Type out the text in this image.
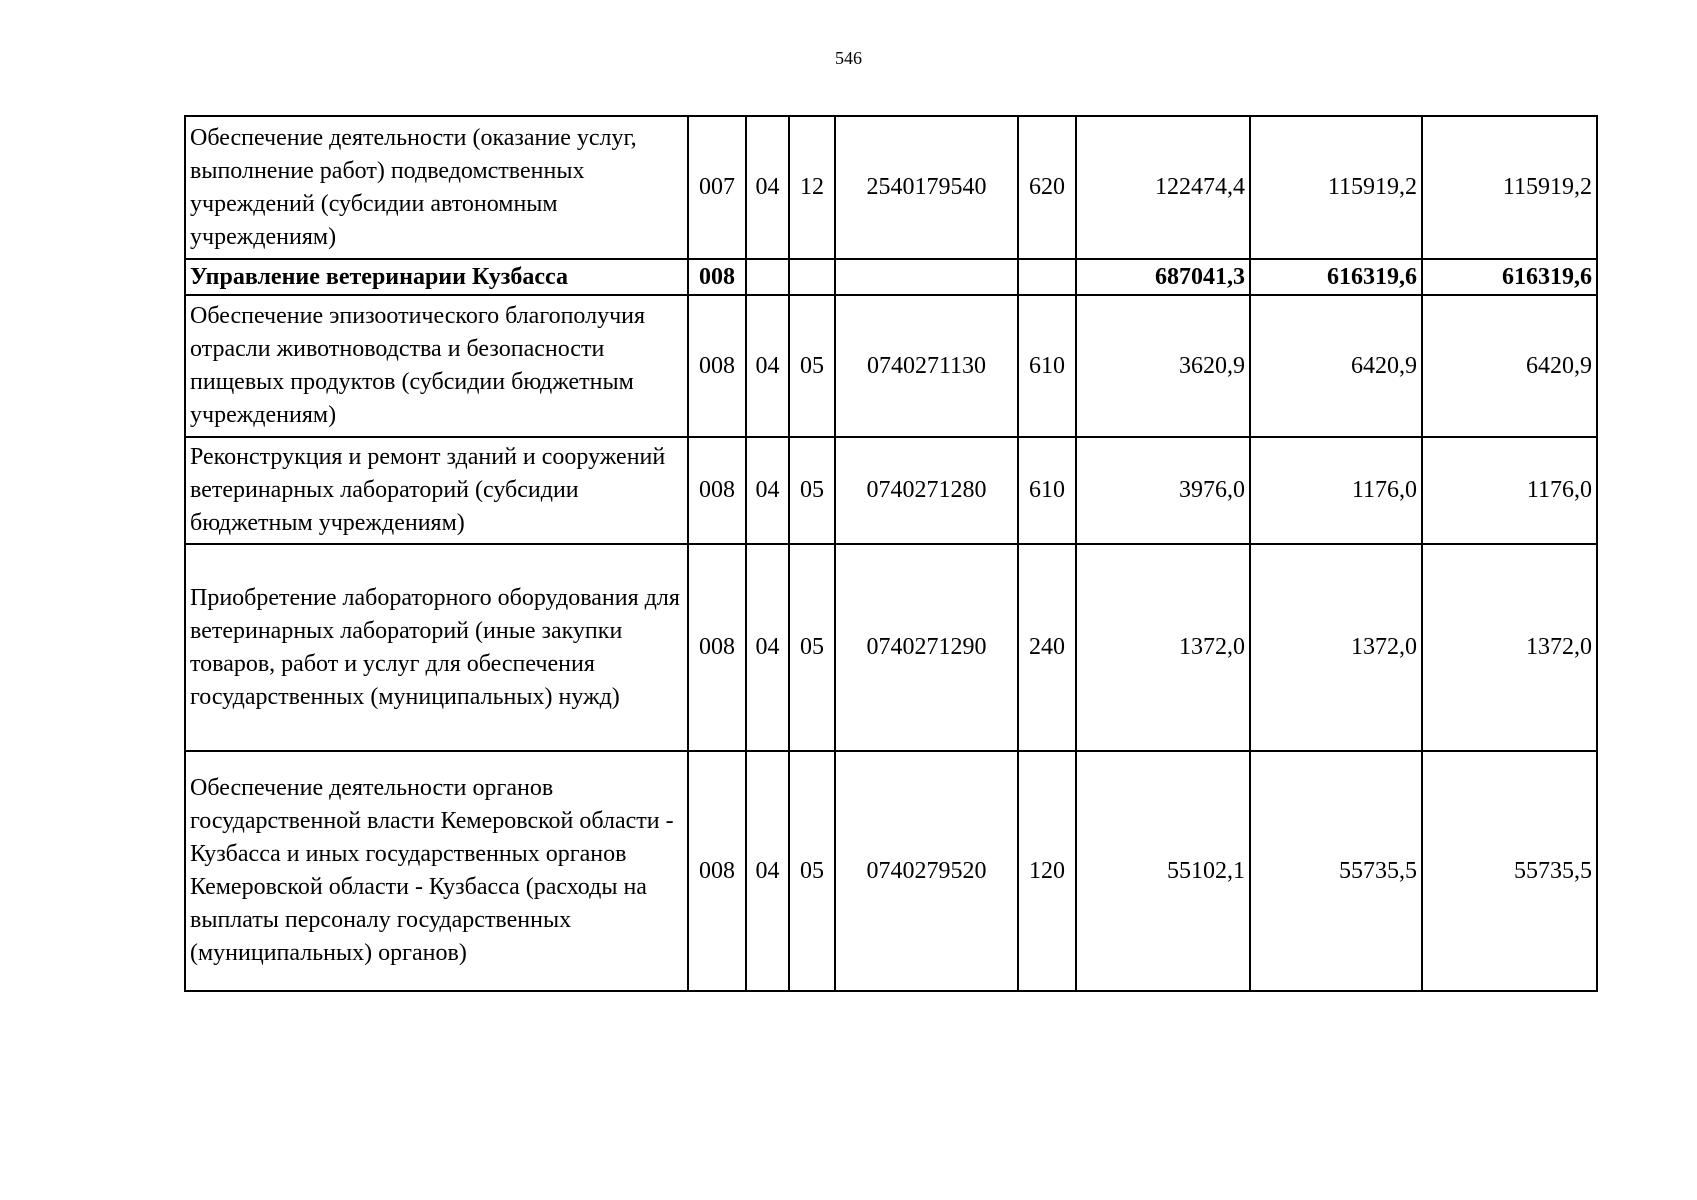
546
Обеспечение деятельности (оказание услуг, выполнение работ) подведомственных учреждений (субсидии автономным учреждениям)	007	04	12	2540179540	620	122474,4	115919,2	115919,2
Управление ветеринарии Кузбасса	008					687041,3	616319,6	616319,6
Обеспечение эпизоотического благополучия отрасли животноводства и безопасности пищевых продуктов (субсидии бюджетным учреждениям)	008	04	05	0740271130	610	3620,9	6420,9	6420,9
Реконструкция и ремонт зданий и сооружений ветеринарных лабораторий (субсидии бюджетным учреждениям)	008	04	05	0740271280	610	3976,0	1176,0	1176,0
Приобретение лабораторного оборудования для ветеринарных лабораторий (иные закупки товаров, работ и услуг для обеспечения государственных (муниципальных) нужд)	008	04	05	0740271290	240	1372,0	1372,0	1372,0
Обеспечение деятельности органов государственной власти Кемеровской области - Кузбасса и иных государственных органов Кемеровской области - Кузбасса (расходы на выплаты персоналу государственных (муниципальных) органов)	008	04	05	0740279520	120	55102,1	55735,5	55735,5
